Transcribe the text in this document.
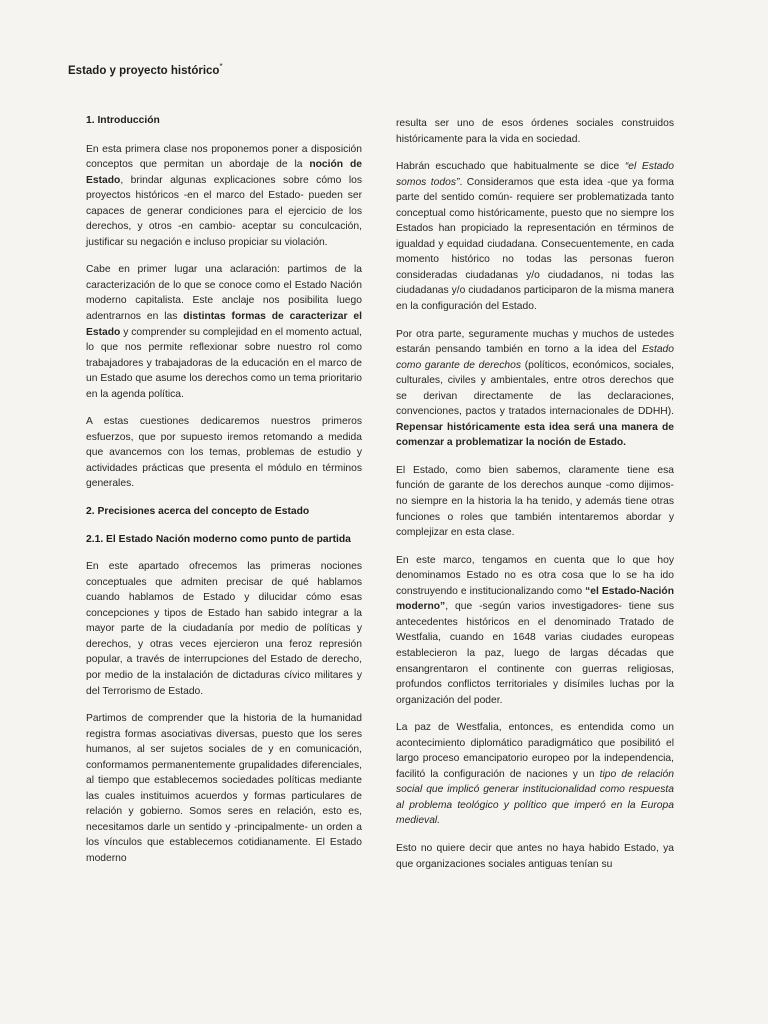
Estado y proyecto histórico*
1. Introducción

En esta primera clase nos proponemos poner a disposición conceptos que permitan un abordaje de la noción de Estado, brindar algunas explicaciones sobre cómo los proyectos históricos -en el marco del Estado- pueden ser capaces de generar condiciones para el ejercicio de los derechos, y otros -en cambio- aceptar su conculcación, justificar su negación e incluso propiciar su violación.

Cabe en primer lugar una aclaración: partimos de la caracterización de lo que se conoce como el Estado Nación moderno capitalista. Este anclaje nos posibilita luego adentrarnos en las distintas formas de caracterizar el Estado y comprender su complejidad en el momento actual, lo que nos permite reflexionar sobre nuestro rol como trabajadores y trabajadoras de la educación en el marco de un Estado que asume los derechos como un tema prioritario en la agenda política.

A estas cuestiones dedicaremos nuestros primeros esfuerzos, que por supuesto iremos retomando a medida que avancemos con los temas, problemas de estudio y actividades prácticas que presenta el módulo en términos generales.

2. Precisiones acerca del concepto de Estado
2.1. El Estado Nación moderno como punto de partida

En este apartado ofrecemos las primeras nociones conceptuales que admiten precisar de qué hablamos cuando hablamos de Estado y dilucidar cómo esas concepciones y tipos de Estado han sabido integrar a la mayor parte de la ciudadanía por medio de políticas y derechos, y otras veces ejercieron una feroz represión popular, a través de interrupciones del Estado de derecho, por medio de la instalación de dictaduras cívico militares y del Terrorismo de Estado.

Partimos de comprender que la historia de la humanidad registra formas asociativas diversas, puesto que los seres humanos, al ser sujetos sociales de y en comunicación, conformamos permanentemente grupalidades diferenciales, al tiempo que establecemos sociedades políticas mediante las cuales instituimos acuerdos y formas particulares de relación y gobierno. Somos seres en relación, esto es, necesitamos darle un sentido y -principalmente- un orden a los vínculos que establecemos cotidianamente. El Estado moderno

resulta ser uno de esos órdenes sociales construidos históricamente para la vida en sociedad.

Habrán escuchado que habitualmente se dice “el Estado somos todos”. Consideramos que esta idea -que ya forma parte del sentido común- requiere ser problematizada tanto conceptual como históricamente, puesto que no siempre los Estados han propiciado la representación en términos de igualdad y equidad ciudadana. Consecuentemente, en cada momento histórico no todas las personas fueron consideradas ciudadanas y/o ciudadanos, ni todas las ciudadanas y/o ciudadanos participaron de la misma manera en la configuración del Estado.

Por otra parte, seguramente muchas y muchos de ustedes estarán pensando también en torno a la idea del Estado como garante de derechos (políticos, económicos, sociales, culturales, civiles y ambientales, entre otros derechos que se derivan directamente de las declaraciones, convenciones, pactos y tratados internacionales de DDHH). Repensar históricamente esta idea será una manera de comenzar a problematizar la noción de Estado.

El Estado, como bien sabemos, claramente tiene esa función de garante de los derechos aunque -como dijimos- no siempre en la historia la ha tenido, y además tiene otras funciones o roles que también intentaremos abordar y complejizar en esta clase.

En este marco, tengamos en cuenta que lo que hoy denominamos Estado no es otra cosa que lo se ha ido construyendo e institucionalizando como “el Estado-Nación moderno”, que -según varios investigadores- tiene sus antecedentes históricos en el denominado Tratado de Westfalia, cuando en 1648 varias ciudades europeas establecieron la paz, luego de largas décadas que ensangrentaron el continente con guerras religiosas, profundos conflictos territoriales y disímiles luchas por la organización del poder.

La paz de Westfalia, entonces, es entendida como un acontecimiento diplomático paradigmático que posibilitó el largo proceso emancipatorio europeo por la independencia, facilitó la configuración de naciones y un tipo de relación social que implicó generar institucionalidad como respuesta al problema teológico y político que imperó en la Europa medieval.

Esto no quiere decir que antes no haya habido Estado, ya que organizaciones sociales antiguas tenían su
